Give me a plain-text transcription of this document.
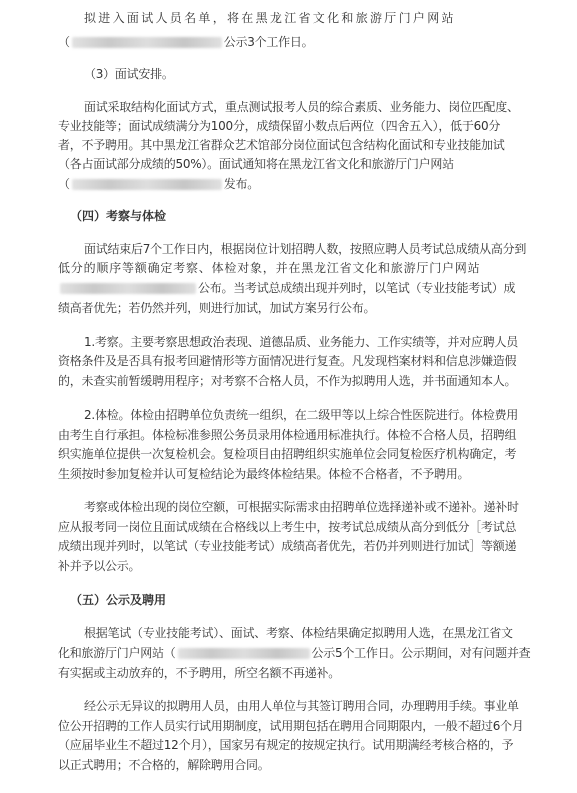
拟进入面试人员名单，将在黑龙江省文化和旅游厅门户网站
（	公示3个工作日。
（3）面试安排。
面试采取结构化面试方式，重点测试报考人员的综合素质、业务能力、岗位匹配度、
专业技能等；面试成绩满分为100分，成绩保留小数点后两位（四舍五入），低于60分
者，不予聘用。其中黑龙江省群众艺术馆部分岗位面试包含结构化面试和专业技能加试
（各占面试部分成绩的50%）。面试通知将在黑龙江省文化和旅游厅门户网站
（	发布。
（四）考察与体检
面试结束后7个工作日内，根据岗位计划招聘人数，按照应聘人员考试总成绩从高分到
低分的顺序等额确定考察、体检对象，并在黑龙江省文化和旅游厅门户网站
公布。当考试总成绩出现并列时，以笔试（专业技能考试）成
绩高者优先；若仍然并列，则进行加试，加试方案另行公布。
1.考察。主要考察思想政治表现、道德品质、业务能力、工作实绩等，并对应聘人员
资格条件及是否具有报考回避情形等方面情况进行复查。凡发现档案材料和信息涉嫌造假
的，未查实前暂缓聘用程序；对考察不合格人员，不作为拟聘用人选，并书面通知本人。
2.体检。体检由招聘单位负责统一组织，在二级甲等以上综合性医院进行。体检费用
由考生自行承担。体检标准参照公务员录用体检通用标准执行。体检不合格人员，招聘组
织实施单位提供一次复检机会。复检项目由招聘组织实施单位会同复检医疗机构确定，考
生须按时参加复检并认可复检结论为最终体检结果。体检不合格者，不予聘用。
考察或体检出现的岗位空额，可根据实际需求由招聘单位选择递补或不递补。递补时
应从报考同一岗位且面试成绩在合格线以上考生中，按考试总成绩从高分到低分［考试总
成绩出现并列时，以笔试（专业技能考试）成绩高者优先，若仍并列则进行加试］等额递
补并予以公示。
（五）公示及聘用
根据笔试（专业技能考试）、面试、考察、体检结果确定拟聘用人选，在黑龙江省文
化和旅游厅门户网站（	公示5个工作日。公示期间，对有问题并查
有实据或主动放弃的，不予聘用，所空名额不再递补。
经公示无异议的拟聘用人员，由用人单位与其签订聘用合同，办理聘用手续。事业单
位公开招聘的工作人员实行试用期制度，试用期包括在聘用合同期限内，一般不超过6个月
（应届毕业生不超过12个月），国家另有规定的按规定执行。试用期满经考核合格的，予
以正式聘用；不合格的，解除聘用合同。
